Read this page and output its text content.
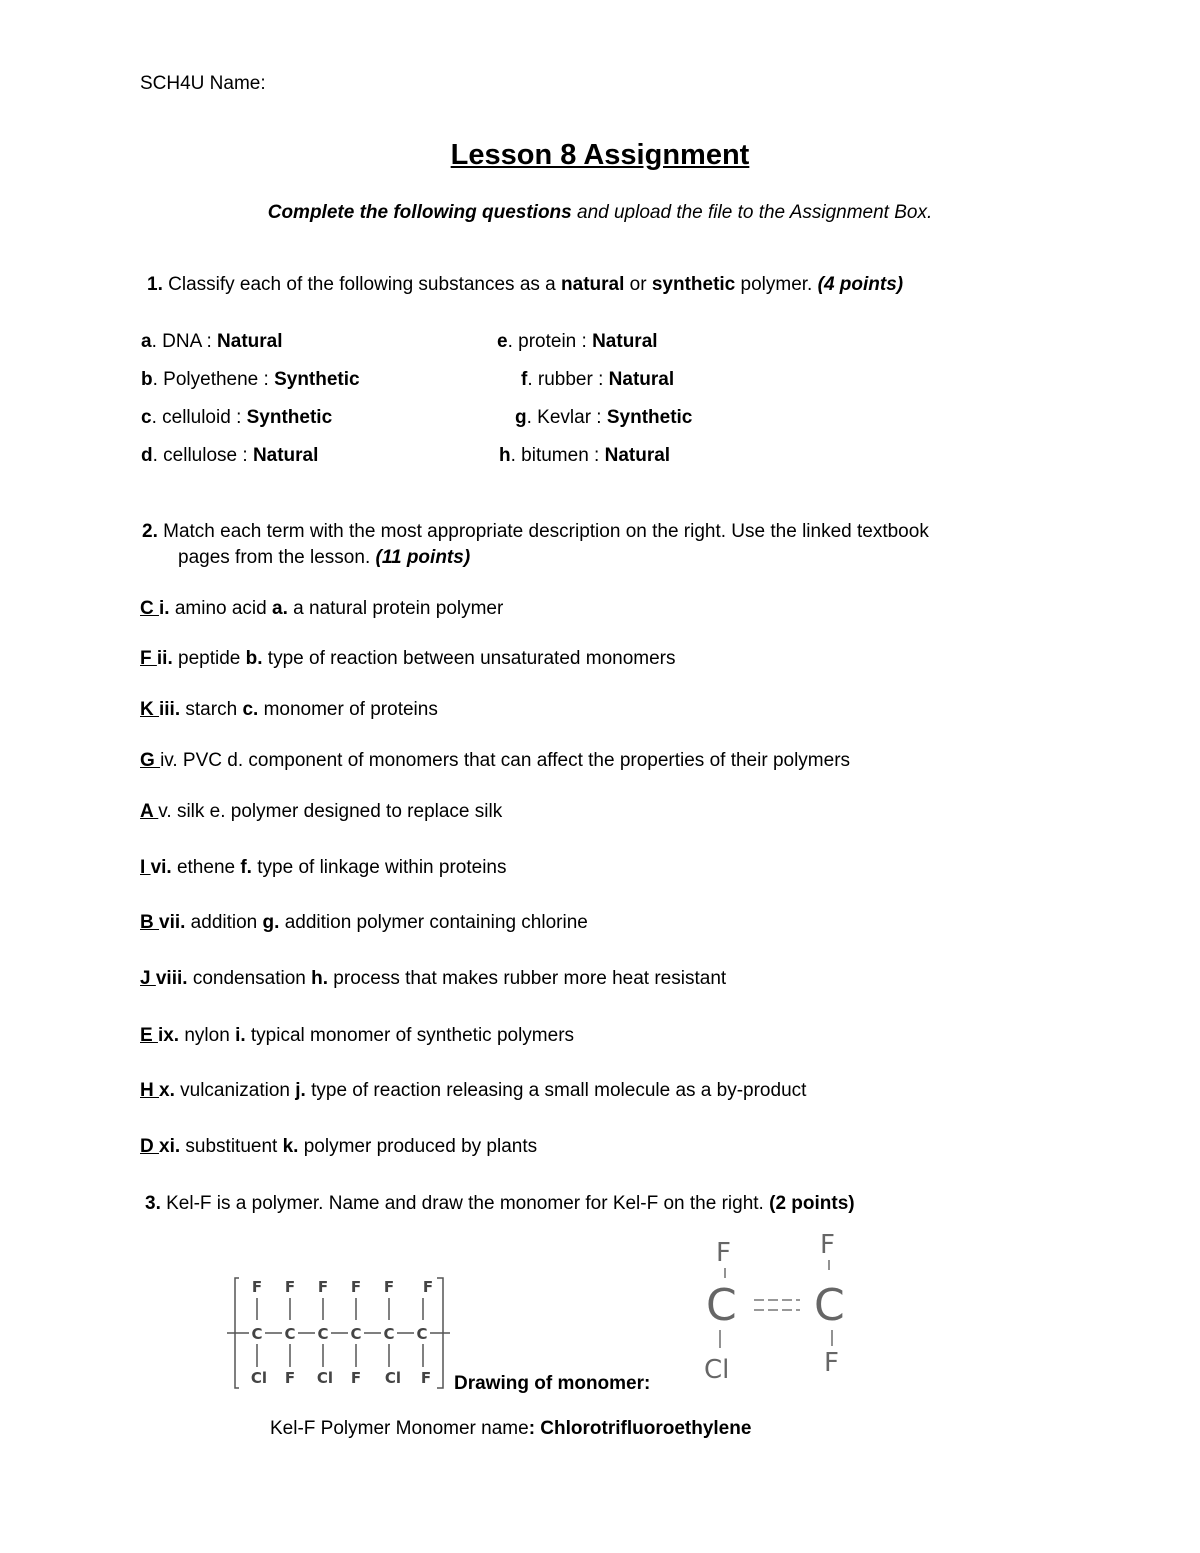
SCH4U Name:
Lesson 8 Assignment
Complete the following questions and upload the file to the Assignment Box.
1. Classify each of the following substances as a natural or synthetic polymer. (4 points)
a. DNA : Natural
b. Polyethene : Synthetic
c. celluloid : Synthetic
d. cellulose : Natural
e. protein : Natural
f. rubber : Natural
g. Kevlar : Synthetic
h. bitumen : Natural
2. Match each term with the most appropriate description on the right. Use the linked textbook
pages from the lesson. (11 points)
C i. amino acid a. a natural protein polymer
F ii. peptide b. type of reaction between unsaturated monomers
K iii. starch c. monomer of proteins
G iv. PVC d. component of monomers that can affect the properties of their polymers
A v. silk e. polymer designed to replace silk
I vi. ethene f. type of linkage within proteins
B vii. addition g. addition polymer containing chlorine
J viii. condensation h. process that makes rubber more heat resistant
E ix. nylon i. typical monomer of synthetic polymers
H x. vulcanization j. type of reaction releasing a small molecule as a by-product
D xi. substituent k. polymer produced by plants
3. Kel-F is a polymer. Name and draw the monomer for Kel-F on the right. (2 points)
F F F F F F
C C C C C C
Cl F Cl F Cl F Drawing of monomer:
F	F
Cl	F
C C
Kel-F Polymer Monomer name: Chlorotrifluoroethylene
